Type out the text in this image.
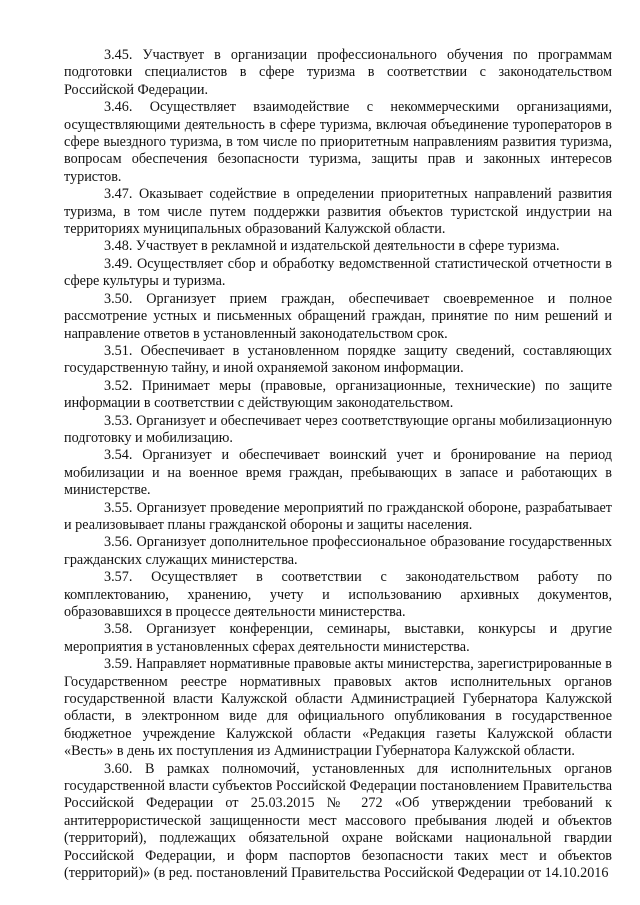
3.45. Участвует в организации профессионального обучения по программам подготовки специалистов в сфере туризма в соответствии с законодательством Российской Федерации.

3.46. Осуществляет взаимодействие с некоммерческими организациями, осуществляющими деятельность в сфере туризма, включая объединение туроператоров в сфере выездного туризма, в том числе по приоритетным направлениям развития туризма, вопросам обеспечения безопасности туризма, защиты прав и законных интересов туристов.

3.47. Оказывает содействие в определении приоритетных направлений развития туризма, в том числе путем поддержки развития объектов туристской индустрии на территориях муниципальных образований Калужской области.

3.48. Участвует в рекламной и издательской деятельности в сфере туризма.

3.49. Осуществляет сбор и обработку ведомственной статистической отчетности в сфере культуры и туризма.

3.50. Организует прием граждан, обеспечивает своевременное и полное рассмотрение устных и письменных обращений граждан, принятие по ним решений и направление ответов в установленный законодательством срок.

3.51. Обеспечивает в установленном порядке защиту сведений, составляющих государственную тайну, и иной охраняемой законом информации.

3.52. Принимает меры (правовые, организационные, технические) по защите информации в соответствии с действующим законодательством.

3.53. Организует и обеспечивает через соответствующие органы мобилизационную подготовку и мобилизацию.

3.54. Организует и обеспечивает воинский учет и бронирование на период мобилизации и на военное время граждан, пребывающих в запасе и работающих в министерстве.

3.55. Организует проведение мероприятий по гражданской обороне, разрабатывает и реализовывает планы гражданской обороны и защиты населения.

3.56. Организует дополнительное профессиональное образование государственных гражданских служащих министерства.

3.57. Осуществляет в соответствии с законодательством работу по комплектованию, хранению, учету и использованию архивных документов, образовавшихся в процессе деятельности министерства.

3.58. Организует конференции, семинары, выставки, конкурсы и другие мероприятия в установленных сферах деятельности министерства.

3.59. Направляет нормативные правовые акты министерства, зарегистрированные в Государственном реестре нормативных правовых актов исполнительных органов государственной власти Калужской области Администрацией Губернатора Калужской области, в электронном виде для официального опубликования в государственное бюджетное учреждение Калужской области «Редакция газеты Калужской области «Весть» в день их поступления из Администрации Губернатора Калужской области.

3.60. В рамках полномочий, установленных для исполнительных органов государственной власти субъектов Российской Федерации постановлением Правительства Российской Федерации от 25.03.2015 № 272 «Об утверждении требований к антитеррористической защищенности мест массового пребывания людей и объектов (территорий), подлежащих обязательной охране войсками национальной гвардии Российской Федерации, и форм паспортов безопасности таких мест и объектов (территорий)» (в ред. постановлений Правительства Российской Федерации от 14.10.2016
